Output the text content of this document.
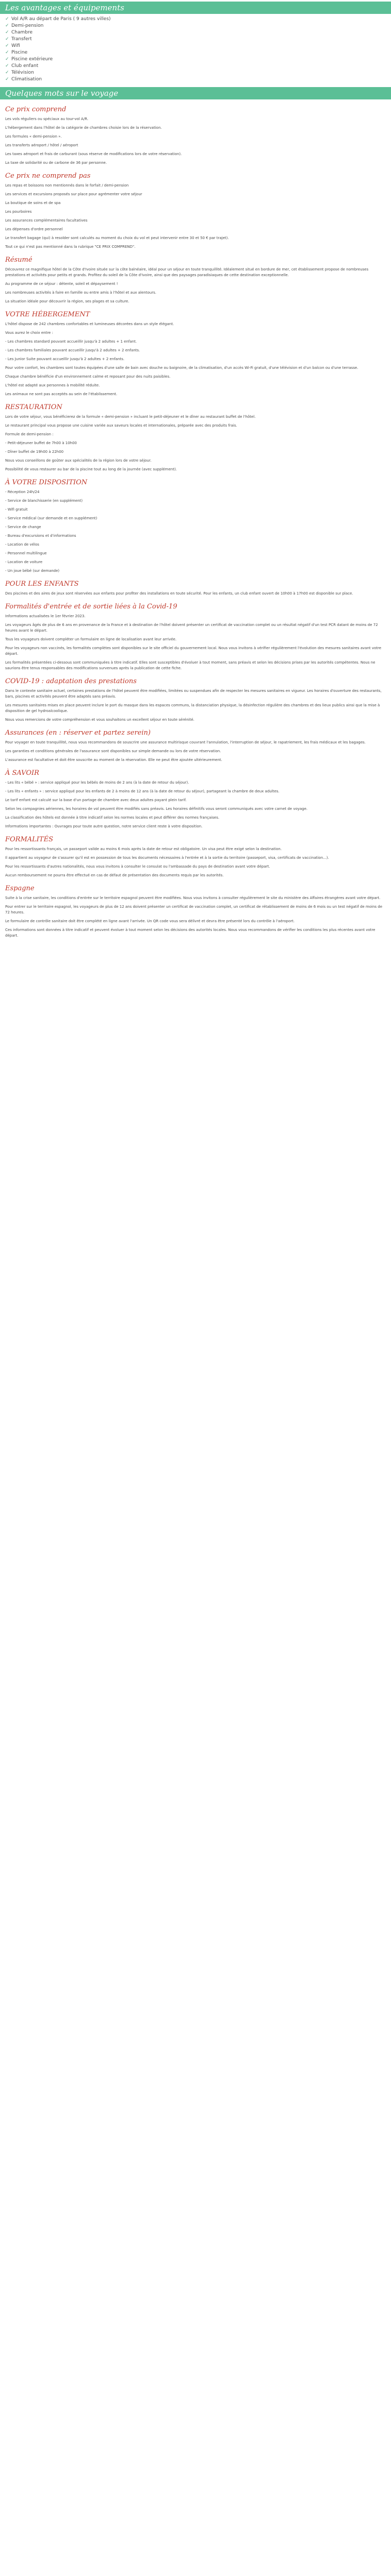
Les avantages et équipements
✓ Vol A/R au départ de Paris ( 9 autres villes)
✓ Demi-pension
✓ Chambre
✓ Transfert
✓ Wifi
✓ Piscine
✓ Piscine extérieure
✓ Club enfant
✓ Télévision
✓ Climatisation
Quelques mots sur le voyage
Ce prix comprend

Les vols réguliers ou spéciaux au tour-vol A/R.

L'hébergement dans l'hôtel de la catégorie de chambres choisie lors de la réservation.

Les formules « demi-pension ».

Les transferts aéroport / hôtel / aéroport

Les taxes aéroport et frais de carburant (sous réserve de modifications lors de votre réservation).

La taxe de solidarité ou de carbone de 36 par personne.

Ce prix ne comprend pas

Les repas et boissons non mentionnés dans le forfait / demi-pension

Les services et excursions proposés sur place pour agrémenter votre séjour

La boutique de soins et de spa

Les pourboires

Les assurances complémentaires facultatives

Les dépenses d'ordre personnel

Le transfert bagage (qui) à resolder sont calculés au moment du choix du vol et peut intervenir entre 30 et 50 € par trajet).

Tout ce qui n'est pas mentionné dans la rubrique "CE PRIX COMPREND".

Résumé

Découvrez ce magnifique hôtel de la Côte d'Ivoire située sur la côte balnéaire, idéal pour un séjour en toute tranquillité. Idéalement situé en bordure de mer, cet établissement propose de nombreuses prestations et activités pour petits et grands. Profitez du soleil de la Côte d'Ivoire, ainsi que des paysages paradisiaques de cette destination exceptionnelle.

Au programme de ce séjour : détente, soleil et dépaysement !

Les nombreuses activités à faire en famille ou entre amis à l'hôtel et aux alentours.

La situation idéale pour découvrir la région, ses plages et sa culture.

VOTRE HÉBERGEMENT

L'hôtel dispose de 242 chambres confortables et lumineuses décorées dans un style élégant.

Vous aurez le choix entre :

- Les chambres standard pouvant accueillir jusqu'à 2 adultes + 1 enfant.

- Les chambres familiales pouvant accueillir jusqu'à 2 adultes + 2 enfants.

- Les Junior Suite pouvant accueillir jusqu'à 2 adultes + 2 enfants.

Pour votre confort, les chambres sont toutes équipées d'une salle de bain avec douche ou baignoire, de la climatisation, d'un accès Wi-Fi gratuit, d'une télévision et d'un balcon ou d'une terrasse.

Chaque chambre bénéficie d'un environnement calme et reposant pour des nuits paisibles.

L'hôtel est adapté aux personnes à mobilité réduite.

Les animaux ne sont pas acceptés au sein de l'établissement.

RESTAURATION

Lors de votre séjour, vous bénéficierez de la formule « demi-pension » incluant le petit-déjeuner et le dîner au restaurant buffet de l'hôtel.

Le restaurant principal vous propose une cuisine variée aux saveurs locales et internationales, préparée avec des produits frais.

Formule de demi-pension :

- Petit-déjeuner buffet de 7h00 à 10h00

- Dîner buffet de 19h00 à 22h00

Nous vous conseillons de goûter aux spécialités de la région lors de votre séjour.

Possibilité de vous restaurer au bar de la piscine tout au long de la journée (avec supplément).

À VOTRE DISPOSITION

- Réception 24h/24

- Service de blanchisserie (en supplément)

- Wifi gratuit

- Service médical (sur demande et en supplément)

- Service de change

- Bureau d'excursions et d'informations

- Location de vélos

- Personnel multilingue

- Location de voiture

- Un joue bébé (sur demande)

POUR LES ENFANTS

Des piscines et des aires de jeux sont réservées aux enfants pour profiter des installations en toute sécurité. Pour les enfants, un club enfant ouvert de 10h00 à 17h00 est disponible sur place.

Formalités d'entrée et de sortie liées à la Covid-19

Informations actualisées le 1er février 2023.

Les voyageurs âgés de plus de 6 ans en provenance de la France et à destination de l'hôtel doivent présenter un certificat de vaccination complet ou un résultat négatif d'un test PCR datant de moins de 72 heures avant le départ.

Tous les voyageurs doivent compléter un formulaire en ligne de localisation avant leur arrivée.

Pour les voyageurs non vaccinés, les formalités complètes sont disponibles sur le site officiel du gouvernement local. Nous vous invitons à vérifier régulièrement l'évolution des mesures sanitaires avant votre départ.

Les formalités présentées ci-dessous sont communiquées à titre indicatif. Elles sont susceptibles d'évoluer à tout moment, sans préavis et selon les décisions prises par les autorités compétentes. Nous ne saurions être tenus responsables des modifications survenues après la publication de cette fiche.

COVID-19 : adaptation des prestations

Dans le contexte sanitaire actuel, certaines prestations de l'hôtel peuvent être modifiées, limitées ou suspendues afin de respecter les mesures sanitaires en vigueur. Les horaires d'ouverture des restaurants, bars, piscines et activités peuvent être adaptés sans préavis.

Les mesures sanitaires mises en place peuvent inclure le port du masque dans les espaces communs, la distanciation physique, la désinfection régulière des chambres et des lieux publics ainsi que la mise à disposition de gel hydroalcoolique.

Nous vous remercions de votre compréhension et vous souhaitons un excellent séjour en toute sérénité.

Assurances (en : réserver et partez serein)

Pour voyager en toute tranquillité, nous vous recommandons de souscrire une assurance multirisque couvrant l'annulation, l'interruption de séjour, le rapatriement, les frais médicaux et les bagages.

Les garanties et conditions générales de l'assurance sont disponibles sur simple demande ou lors de votre réservation.

L'assurance est facultative et doit être souscrite au moment de la réservation. Elle ne peut être ajoutée ultérieurement.

À SAVOIR

- Les lits « bébé » : service appliqué pour les bébés de moins de 2 ans (à la date de retour du séjour).

- Les lits « enfants » : service appliqué pour les enfants de 2 à moins de 12 ans (à la date de retour du séjour), partageant la chambre de deux adultes.

Le tarif enfant est calculé sur la base d'un partage de chambre avec deux adultes payant plein tarif.

Selon les compagnies aériennes, les horaires de vol peuvent être modifiés sans préavis. Les horaires définitifs vous seront communiqués avec votre carnet de voyage.

La classification des hôtels est donnée à titre indicatif selon les normes locales et peut différer des normes françaises.

Informations importantes : Ouvrages pour toute autre question, notre service client reste à votre disposition.

FORMALITÉS

Pour les ressortissants français, un passeport valide au moins 6 mois après la date de retour est obligatoire. Un visa peut être exigé selon la destination.

Il appartient au voyageur de s'assurer qu'il est en possession de tous les documents nécessaires à l'entrée et à la sortie du territoire (passeport, visa, certificats de vaccination...).

Pour les ressortissants d'autres nationalités, nous vous invitons à consulter le consulat ou l'ambassade du pays de destination avant votre départ.

Aucun remboursement ne pourra être effectué en cas de défaut de présentation des documents requis par les autorités.

Espagne

Suite à la crise sanitaire, les conditions d'entrée sur le territoire espagnol peuvent être modifiées. Nous vous invitons à consulter régulièrement le site du ministère des Affaires étrangères avant votre départ.

Pour entrer sur le territoire espagnol, les voyageurs de plus de 12 ans doivent présenter un certificat de vaccination complet, un certificat de rétablissement de moins de 6 mois ou un test négatif de moins de 72 heures.

Le formulaire de contrôle sanitaire doit être complété en ligne avant l'arrivée. Un QR code vous sera délivré et devra être présenté lors du contrôle à l'aéroport.

Ces informations sont données à titre indicatif et peuvent évoluer à tout moment selon les décisions des autorités locales. Nous vous recommandons de vérifier les conditions les plus récentes avant votre départ.
